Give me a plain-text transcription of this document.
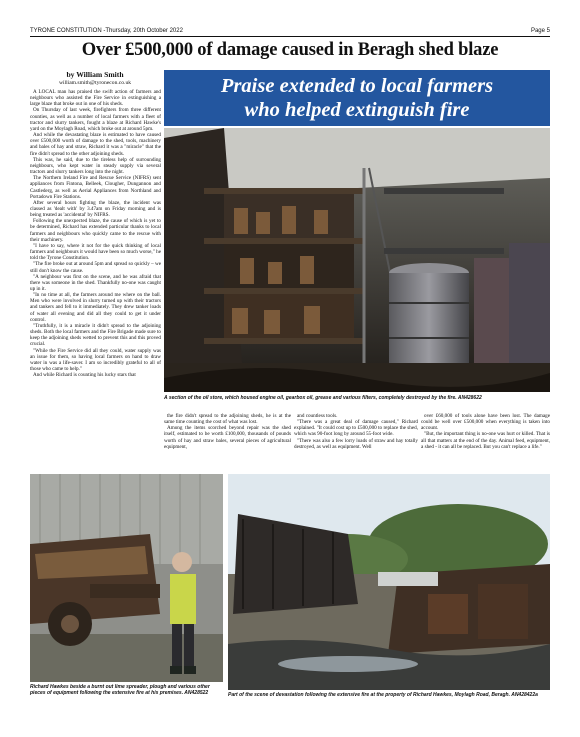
TYRONE CONSTITUTION -Thursday, 20th October 2022	Page 5
Over £500,000 of damage caused in Beragh shed blaze
by William Smith
william.smith@tyronecon.co.uk

A LOCAL man has praised the swift action of farmers and neighbours who assisted the Fire Service in extinguishing a large blaze that broke out in one of his sheds.

On Thursday of last week, firefighters from three different counties, as well as a number of local farmers with a fleet of tractor and slurry tankers, fought a blaze at Richard Hawke's yard on the Moylagh Road, which broke out at around 5pm.

And while the devastating blaze is estimated to have caused over £500,000 worth of damage to the shed, tools, machinery and bales of hay and straw, Richard it was a "miracle" that the fire didn't spread to the other adjoining sheds.

This was, he said, due to the tireless help of surrounding neighbours, who kept water in steady supply via several tractors and slurry tankers long into the night.

The Northern Ireland Fire and Rescue Service (NIFRS) sent appliances from Fintona, Belleek, Clougher, Dungannon and Castlederg, as well as Aerial Appliances from Northland and Portadown Fire Stations.

After several hours fighting the blaze, the incident was classed as 'dealt with' by 3.47am on Friday morning and is being treated as 'accidental' by NIFRS.

Following the unexpected blaze, the cause of which is yet to be determined, Richard has extended particular thanks to local farmers and neighbours who quickly came to the rescue with their machinery.

"I have to say, where it not for the quick thinking of local farmers and neighbours it would have been so much worse," he told the Tyrone Constitution.

"The fire broke out at around 5pm and spread so quickly – we still don't know the cause.

"A neighbour was first on the scene, and he was afraid that there was someone in the shed. Thankfully no-one was caught up in it.

"In no time at all, the farmers around me where on the ball. Men who were involved in slurry turned up with their tractors and tankers and fell to it immediately. They drew tanker loads of water all evening and did all they could to get it under control.

"Truthfully, it is a miracle it didn't spread to the adjoining sheds. Both the local farmers and the Fire Brigade made sure to keep the adjoining sheds wetted to prevent this and this proved crucial.

"While the Fire Service did all they could, water supply was an issue for them, so having local farmers on hand to draw water in was a life-saver. I am so incredibly grateful to all of those who came to help."

And while Richard is counting his lucky stars that

Praise extended to local farmers
who helped extinguish fire
A section of the oil store, which housed engine oil, gearbox oil, grease and various filters, completely destroyed by the fire. AN428622

the fire didn't spread to the adjoining sheds, he is at the same time counting the cost of what was lost.

Among the items scorched beyond repair was the shed itself, estimated to be worth £100,000, thousands of pounds worth of hay and straw bales, several pieces of agricultural equipment,

and countless tools.

"There was a great deal of damage caused," Richard explained. "It could cost up to £500,000 to replace the shed, which was 90-foot long by around 55-foot wide.

"There was also a few lorry loads of straw and hay totally destroyed, as well as equipment. Well

over £60,000 of tools alone have been lost. The damage could be well over £500,000 when everything is taken into account.

"But, the important thing is no-one was hurt or killed. That is all that matters at the end of the day. Animal feed, equipment, a shed - it can all be replaced. But you can't replace a life."

Richard Hawkes beside a burnt out lime spreader, plough and various other pieces of equipment following the extensive fire at his premises. AN428522	Part of the scene of devastation following the extensive fire at the property of Richard Hawkes, Moylagh Road, Beragh. AN428422a
